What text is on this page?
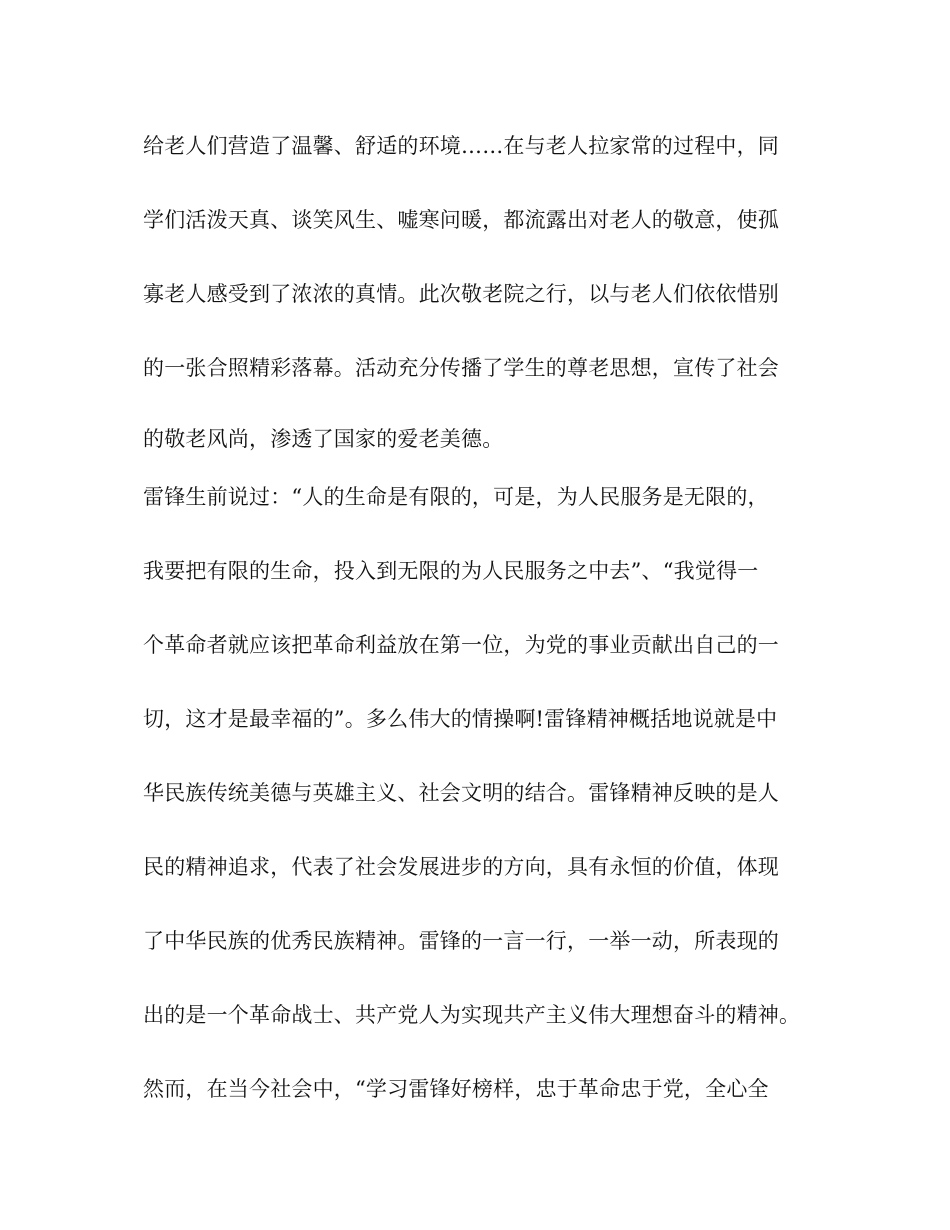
给老人们营造了温馨、舒适的环境……在与老人拉家常的过程中，同
学们活泼天真、谈笑风生、嘘寒问暖，都流露出对老人的敬意，使孤
寡老人感受到了浓浓的真情。此次敬老院之行，以与老人们依依惜别
的一张合照精彩落幕。活动充分传播了学生的尊老思想，宣传了社会
的敬老风尚，渗透了国家的爱老美德。
雷锋生前说过：“人的生命是有限的，可是，为人民服务是无限的，
我要把有限的生命，投入到无限的为人民服务之中去”、“我觉得一
个革命者就应该把革命利益放在第一位，为党的事业贡献出自己的一
切，这才是最幸福的”。多么伟大的情操啊!雷锋精神概括地说就是中
华民族传统美德与英雄主义、社会文明的结合。雷锋精神反映的是人
民的精神追求，代表了社会发展进步的方向，具有永恒的价值，体现
了中华民族的优秀民族精神。雷锋的一言一行，一举一动，所表现的
出的是一个革命战士、共产党人为实现共产主义伟大理想奋斗的精神。
然而，在当今社会中，“学习雷锋好榜样，忠于革命忠于党，全心全
